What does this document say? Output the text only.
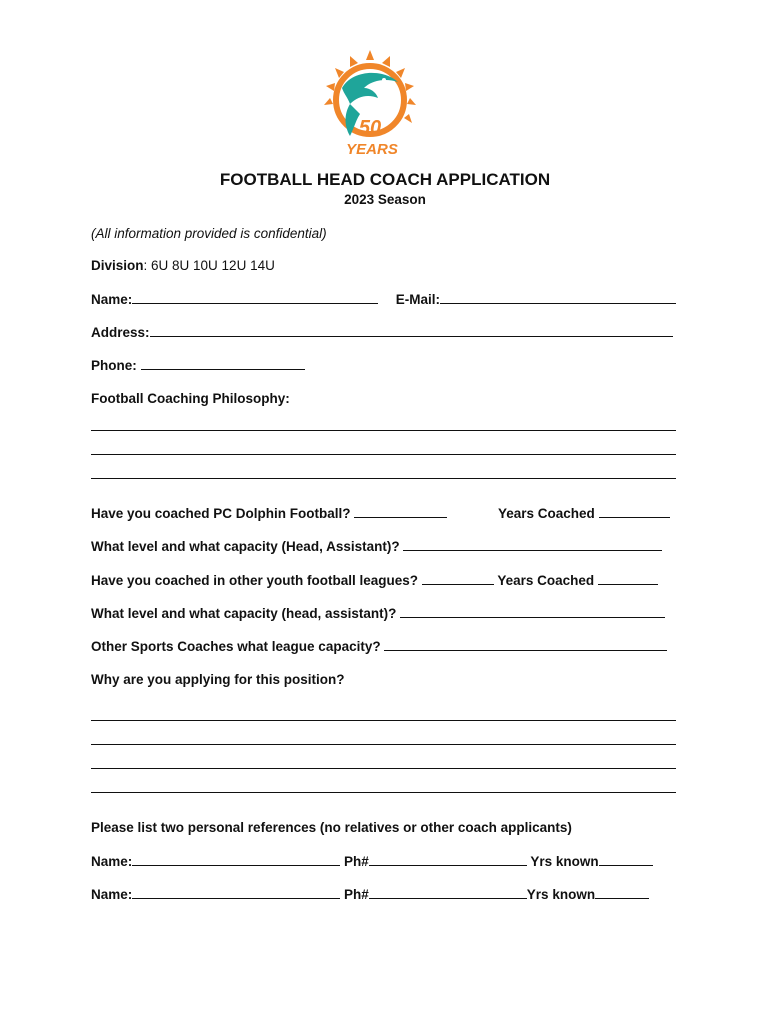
50
YEARS
FOOTBALL HEAD COACH APPLICATION
2023 Season
(All information provided is confidential)
Division: 6U 8U 10U 12U 14U
Name:	E-Mail:
Address:
Phone:
Football Coaching Philosophy:
Have you coached PC Dolphin Football?	Years Coached
What level and what capacity (Head, Assistant)?
Have you coached in other youth football leagues?	Years Coached
What level and what capacity (head, assistant)?
Other Sports Coaches what league capacity?
Why are you applying for this position?
Please list two personal references (no relatives or other coach applicants)
Name:	Ph#	Yrs known
Name:	Ph#	Yrs known
